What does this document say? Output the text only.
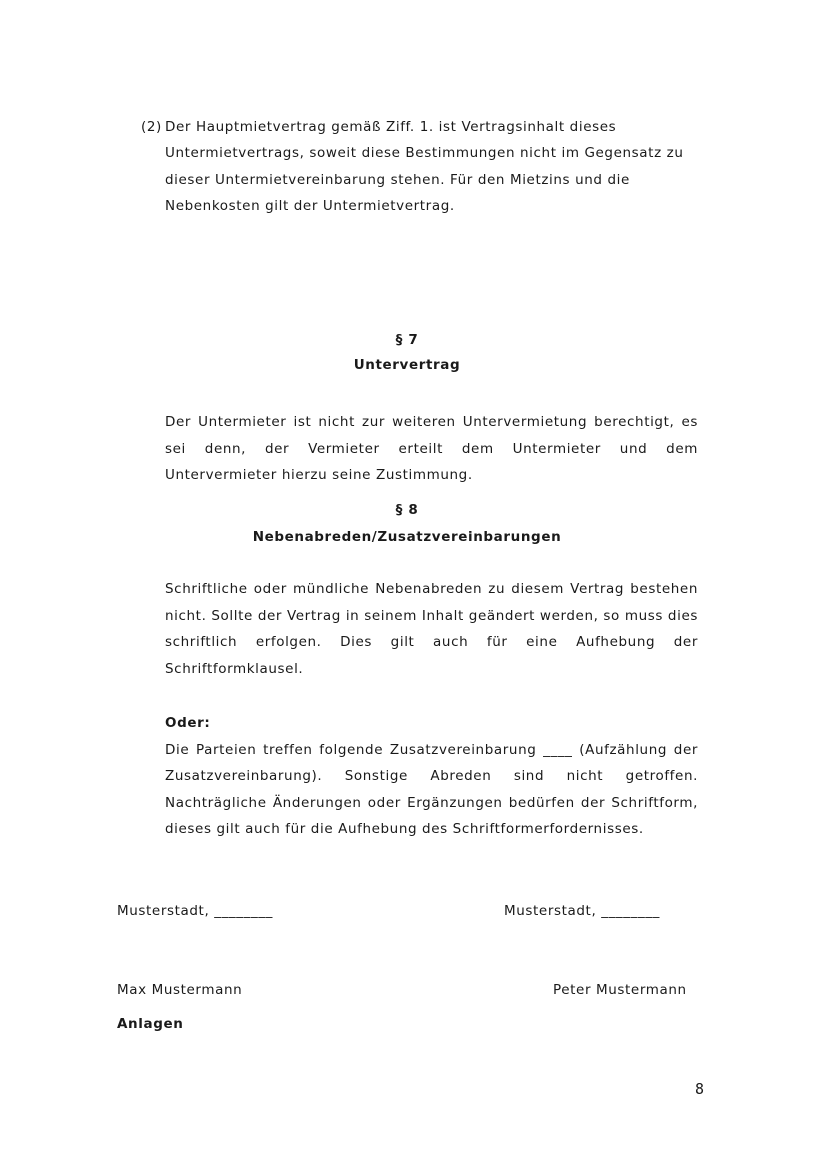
(2) Der Hauptmietvertrag gemäß Ziff. 1. ist Vertragsinhalt dieses
Untermietvertrags, soweit diese Bestimmungen nicht im Gegensatz zu
dieser Untermietvereinbarung stehen. Für den Mietzins und die
Nebenkosten gilt der Untermietvertrag.
§ 7
Untervertrag

Der Untermieter ist nicht zur weiteren Untervermietung berechtigt, es sei denn, der Vermieter erteilt dem Untermieter und dem Untervermieter hierzu seine Zustimmung.

§ 8
Nebenabreden/Zusatzvereinbarungen

Schriftliche oder mündliche Nebenabreden zu diesem Vertrag bestehen nicht. Sollte der Vertrag in seinem Inhalt geändert werden, so muss dies schriftlich erfolgen. Dies gilt auch für eine Aufhebung der Schriftformklausel.

Oder:

Die Parteien treffen folgende Zusatzvereinbarung ____ (Aufzählung der Zusatzvereinbarung). Sonstige Abreden sind nicht getroffen. Nachträgliche Änderungen oder Ergänzungen bedürfen der Schriftform, dieses gilt auch für die Aufhebung des Schriftformerfordernisses.

Musterstadt, ________	Musterstadt, ________
Max Mustermann	Peter Mustermann
Anlagen
8
